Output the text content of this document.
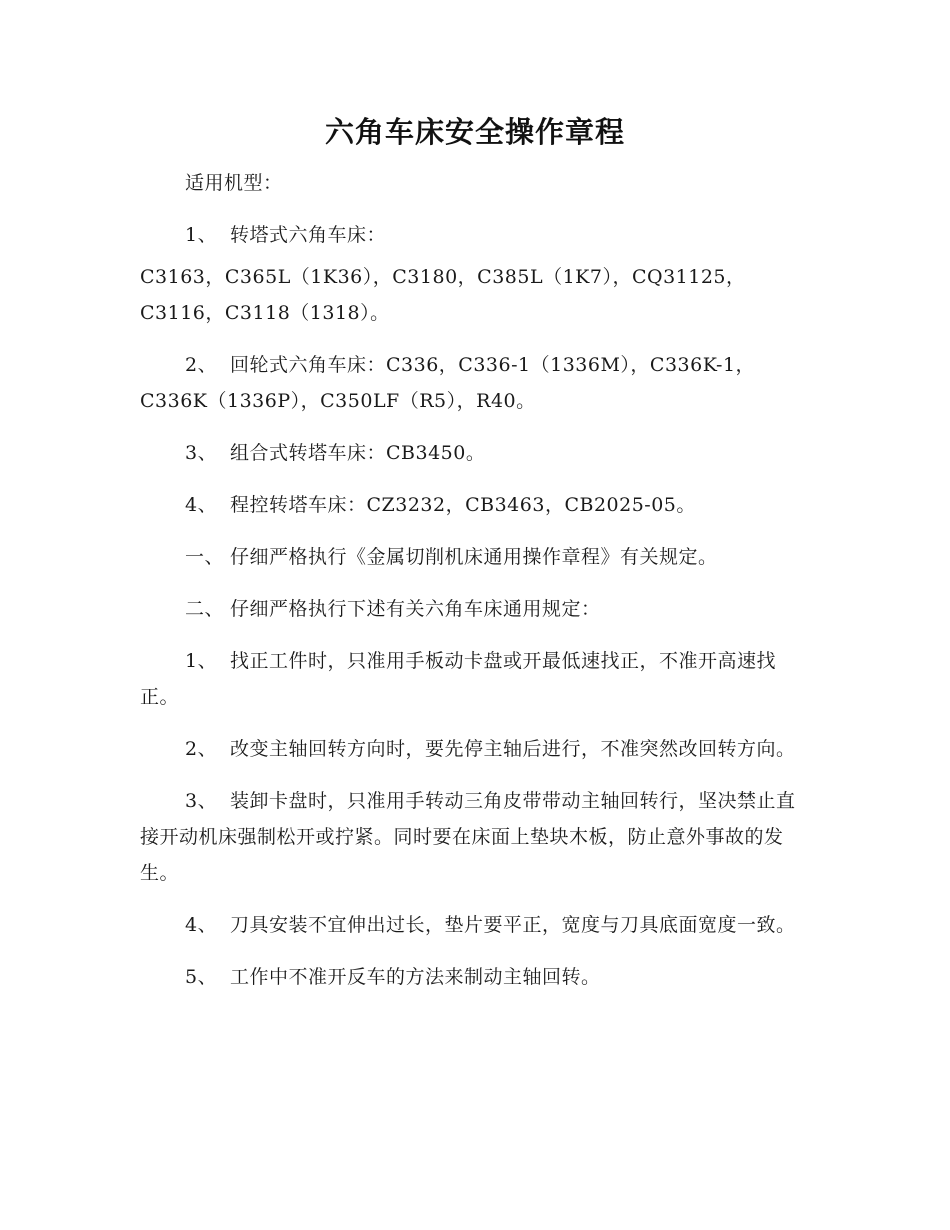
六角车床安全操作章程

适用机型：

1、 转塔式六角车床：

C3163，C365L（1K36），C3180，C385L（1K7），CQ31125，C3116，C3118（1318）。

2、 回轮式六角车床：C336，C336-1（1336M），C336K-1，C336K（1336P），C350LF（R5），R40。

3、 组合式转塔车床：CB3450。

4、 程控转塔车床：CZ3232，CB3463，CB2025-05。

一、 仔细严格执行《金属切削机床通用操作章程》有关规定。

二、 仔细严格执行下述有关六角车床通用规定：

1、 找正工件时，只准用手板动卡盘或开最低速找正，不准开高速找正。

2、 改变主轴回转方向时，要先停主轴后进行，不准突然改回转方向。

3、 装卸卡盘时，只准用手转动三角皮带带动主轴回转行，坚决禁止直接开动机床强制松开或拧紧。同时要在床面上垫块木板，防止意外事故的发生。

4、 刀具安装不宜伸出过长，垫片要平正，宽度与刀具底面宽度一致。

5、 工作中不准开反车的方法来制动主轴回转。
